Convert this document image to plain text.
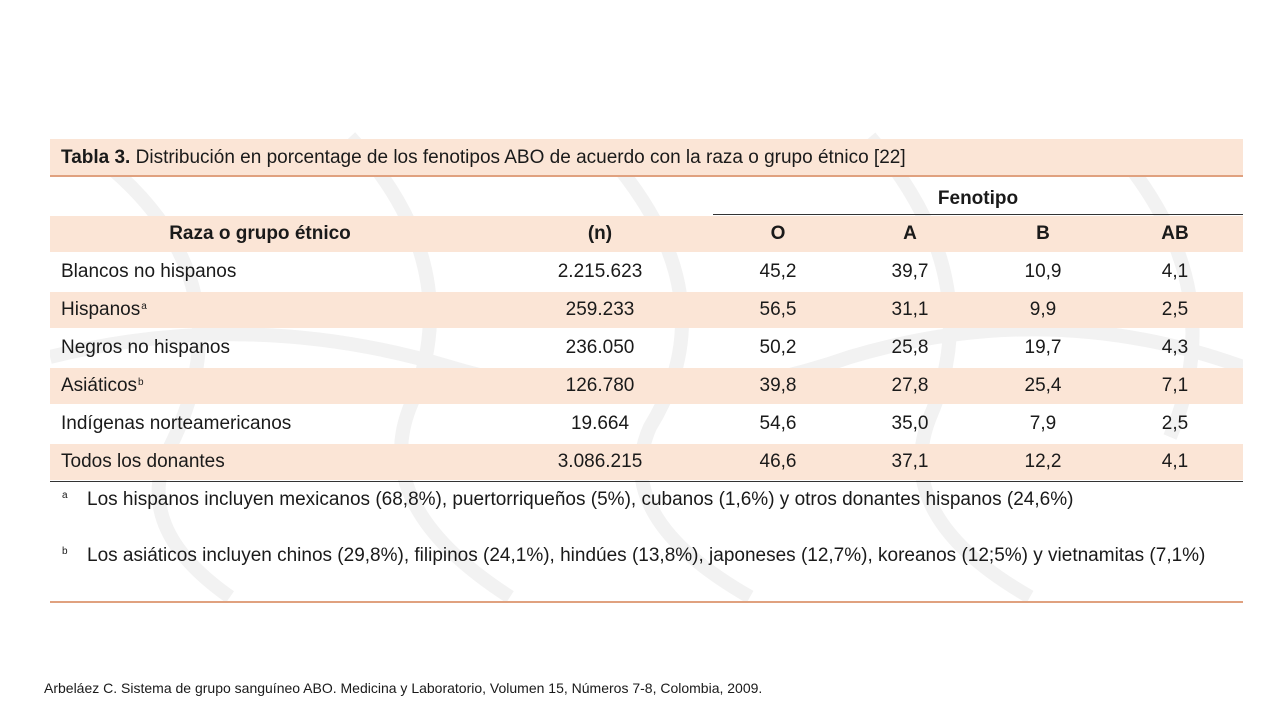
Tabla 3. Distribución en porcentage de los fenotipos ABO de acuerdo con la raza o grupo étnico [22]
Fenotipo
Raza o grupo étnico	(n)	O	A	B	AB
Blancos no hispanos	2.215.623	45,2	39,7	10,9	4,1
Hispanos$^a$	259.233	56,5	31,1	9,9	2,5
Negros no hispanos	236.050	50,2	25,8	19,7	4,3
Asiáticos$^b$	126.780	39,8	27,8	25,4	7,1
Indígenas norteamericanos	19.664	54,6	35,0	7,9	2,5
Todos los donantes	3.086.215	46,6	37,1	12,2	4,1
a Los hispanos incluyen mexicanos (68,8%), puertorriqueños (5%), cubanos (1,6%) y otros donantes hispanos (24,6%)
b Los asiáticos incluyen chinos (29,8%), filipinos (24,1%), hindúes (13,8%), japoneses (12,7%), koreanos (12;5%) y vietnamitas (7,1%)
Arbeláez C. Sistema de grupo sanguíneo ABO. Medicina y Laboratorio, Volumen 15, Números 7-8, Colombia, 2009.
